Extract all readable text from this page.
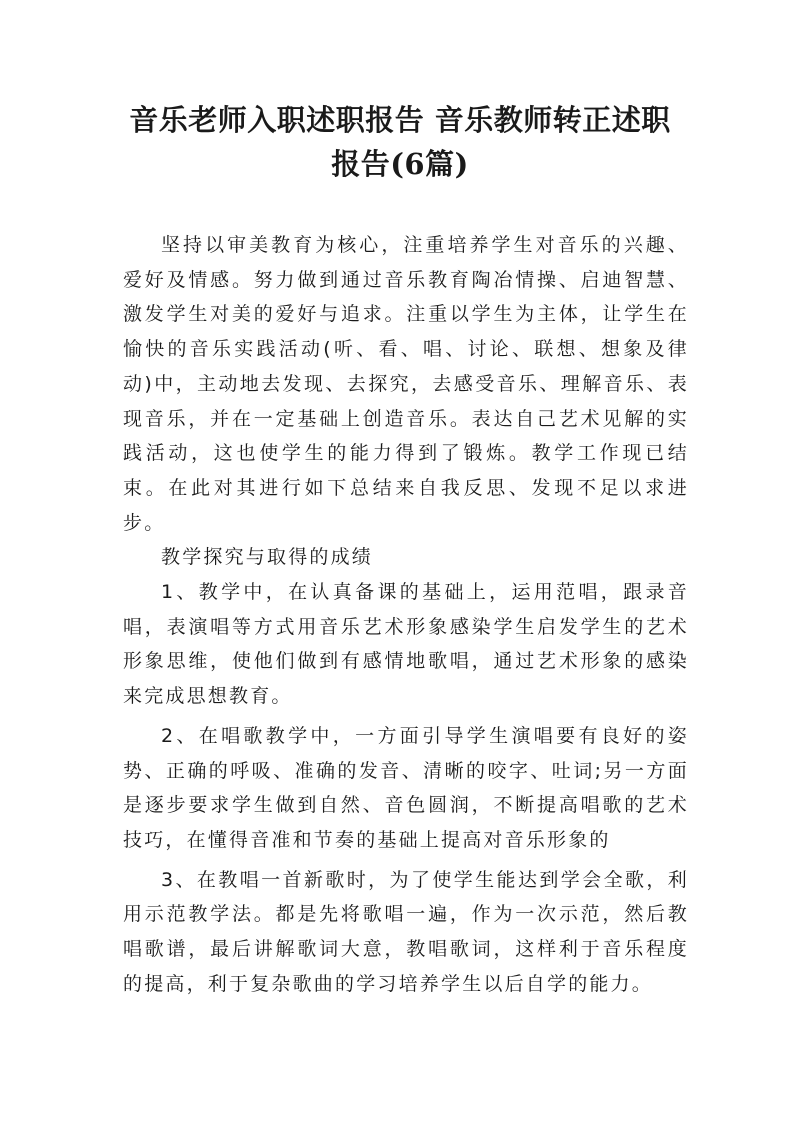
音乐老师入职述职报告 音乐教师转正述职
报告(6篇)

坚持以审美教育为核心，注重培养学生对音乐的兴趣、爱好及情感。努力做到通过音乐教育陶冶情操、启迪智慧、激发学生对美的爱好与追求。注重以学生为主体，让学生在愉快的音乐实践活动(听、看、唱、讨论、联想、想象及律动)中，主动地去发现、去探究，去感受音乐、理解音乐、表现音乐，并在一定基础上创造音乐。表达自己艺术见解的实践活动，这也使学生的能力得到了锻炼。教学工作现已结束。在此对其进行如下总结来自我反思、发现不足以求进步。

教学探究与取得的成绩

1、教学中，在认真备课的基础上，运用范唱，跟录音唱，表演唱等方式用音乐艺术形象感染学生启发学生的艺术形象思维，使他们做到有感情地歌唱，通过艺术形象的感染来完成思想教育。

2、在唱歌教学中，一方面引导学生演唱要有良好的姿势、正确的呼吸、准确的发音、清晰的咬字、吐词;另一方面是逐步要求学生做到自然、音色圆润，不断提高唱歌的艺术技巧，在懂得音准和节奏的基础上提高对音乐形象的

3、在教唱一首新歌时，为了使学生能达到学会全歌，利用示范教学法。都是先将歌唱一遍，作为一次示范，然后教唱歌谱，最后讲解歌词大意，教唱歌词，这样利于音乐程度的提高，利于复杂歌曲的学习培养学生以后自学的能力。
